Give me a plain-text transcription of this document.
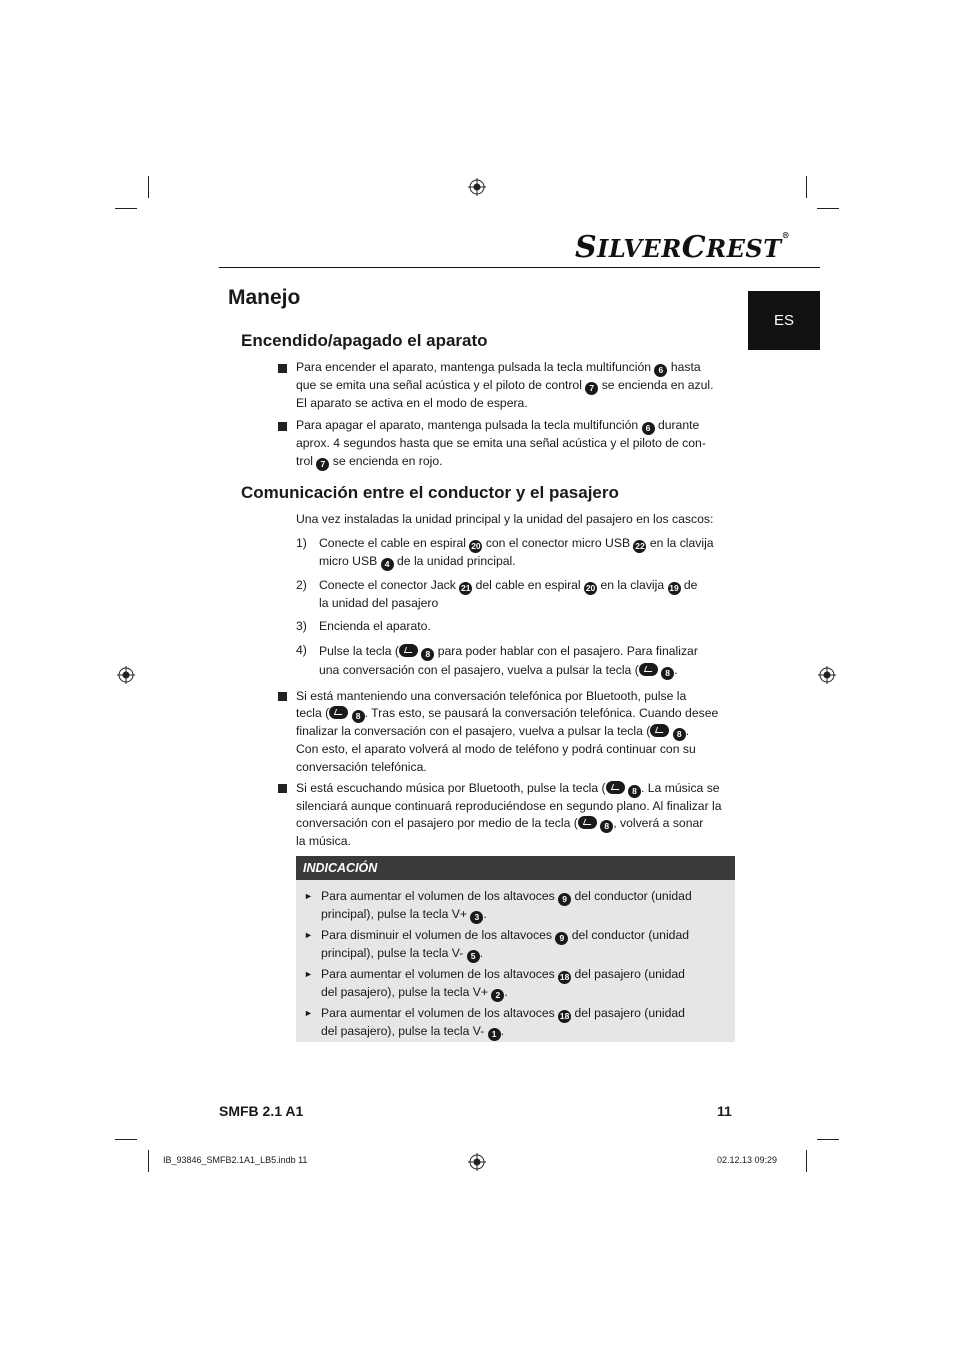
SILVERCREST®
ES
Manejo
Encendido/apagado el aparato
Para encender el aparato, mantenga pulsada la tecla multifunción 6 hasta
que se emita una señal acústica y el piloto de control 7 se encienda en azul.
El aparato se activa en el modo de espera.
Para apagar el aparato, mantenga pulsada la tecla multifunción 6 durante
aprox. 4 segundos hasta que se emita una señal acústica y el piloto de con-
trol 7 se encienda en rojo.
Comunicación entre el conductor y el pasajero
Una vez instaladas la unidad principal y la unidad del pasajero en los cascos:
1) Conecte el cable en espiral 20 con el conector micro USB 22 en la clavija
micro USB 4 de la unidad principal.
2) Conecte el conector Jack 21 del cable en espiral 20 en la clavija 19 de
la unidad del pasajero
3) Encienda el aparato.
4) Pulse la tecla (	8 para poder hablar con el pasajero. Para finalizar
una conversación con el pasajero, vuelva a pulsar la tecla (	8 .
Si está manteniendo una conversación telefónica por Bluetooth, pulse la
tecla (	8 . Tras esto, se pausará la conversación telefónica. Cuando desee
finalizar la conversación con el pasajero, vuelva a pulsar la tecla (	8 .
Con esto, el aparato volverá al modo de teléfono y podrá continuar con su
conversación telefónica.
Si está escuchando música por Bluetooth, pulse la tecla (	8 . La música se
silenciará aunque continuará reproduciéndose en segundo plano. Al finalizar la
conversación con el pasajero por medio de la tecla (	8 , volverá a sonar
la música.
INDICACIÓN
► Para aumentar el volumen de los altavoces 9 del conductor (unidad
principal), pulse la tecla V+ 3 .
► Para disminuir el volumen de los altavoces 9 del conductor (unidad
principal), pulse la tecla V- 5 .
► Para aumentar el volumen de los altavoces 18 del pasajero (unidad
del pasajero), pulse la tecla V+ 2 .
► Para aumentar el volumen de los altavoces 18 del pasajero (unidad
del pasajero), pulse la tecla V- 1 .
SMFB 2.1 A1	11
IB_93846_SMFB2.1A1_LB5.indb 11	02.12.13 09:29
